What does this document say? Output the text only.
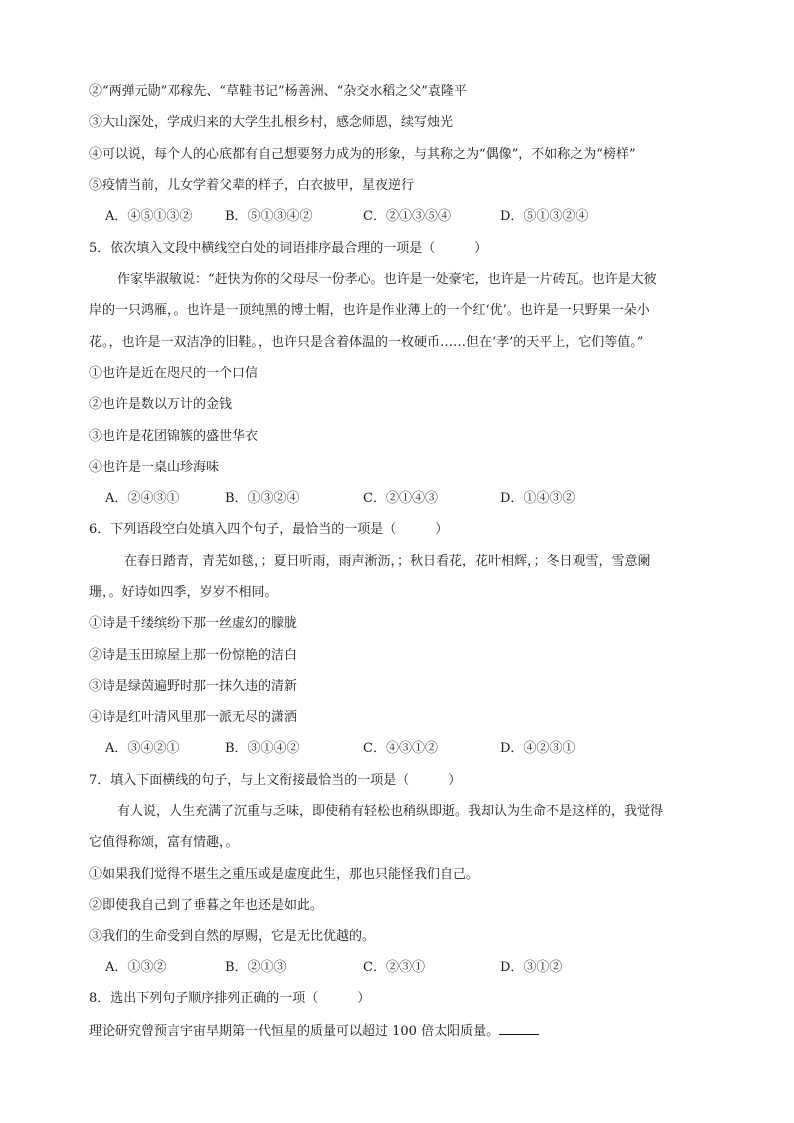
②“两弹元勋”邓稼先、“草鞋书记”杨善洲、“杂交水稻之父”袁隆平
③大山深处，学成归来的大学生扎根乡村，感念师恩，续写烛光
④可以说，每个人的心底都有自己想要努力成为的形象，与其称之为“偶像”，不如称之为“榜样”
⑤疫情当前，儿女学着父辈的样子，白衣披甲，星夜逆行
A．④⑤①③②	B．⑤①③④②	C．②①③⑤④	D．⑤①③②④
5．依次填入文段中横线空白处的词语排序最合理的一项是（　　　）
作家毕淑敏说：“赶快为你的父母尽一份孝心。也许是一处豪宅，也许是一片砖瓦。也许是大彼
岸的一只鸿雁，。也许是一顶纯黑的博士帽，也许是作业薄上的一个红‘优’。也许是一只野果一朵小
花。，也许是一双洁净的旧鞋。，也许只是含着体温的一枚硬币……但在‘孝’的天平上，它们等值。”
①也许是近在咫尺的一个口信
②也许是数以万计的金钱
③也许是花团锦簇的盛世华衣
④也许是一桌山珍海味
A．②④③①	B．①③②④	C．②①④③	D．①④③②
6．下列语段空白处填入四个句子，最恰当的一项是（　　　）
在春日踏青，青芜如毯，；夏日听雨，雨声淅沥，；秋日看花，花叶相辉，；冬日观雪，雪意阑
珊，。好诗如四季，岁岁不相同。
①诗是千缕缤纷下那一丝虚幻的朦胧
②诗是玉田琼屋上那一份惊艳的洁白
③诗是绿茵遍野时那一抹久违的清新
④诗是红叶清风里那一派无尽的潇洒
A．③④②①	B．③①④②	C．④③①②	D．④②③①
7．填入下面横线的句子，与上文衔接最恰当的一项是（　　　）
有人说，人生充满了沉重与乏味，即使稍有轻松也稍纵即逝。我却认为生命不是这样的，我觉得
它值得称颂，富有情趣，。
①如果我们觉得不堪生之重压或是虚度此生，那也只能怪我们自己。
②即使我自己到了垂暮之年也还是如此。
③我们的生命受到自然的厚赐，它是无比优越的。
A．①③②	B．②①③	C．②③①	D．③①②
8．选出下列句子顺序排列正确的一项（　　　）
理论研究曾预言宇宙早期第一代恒星的质量可以超过 100 倍太阳质量。
